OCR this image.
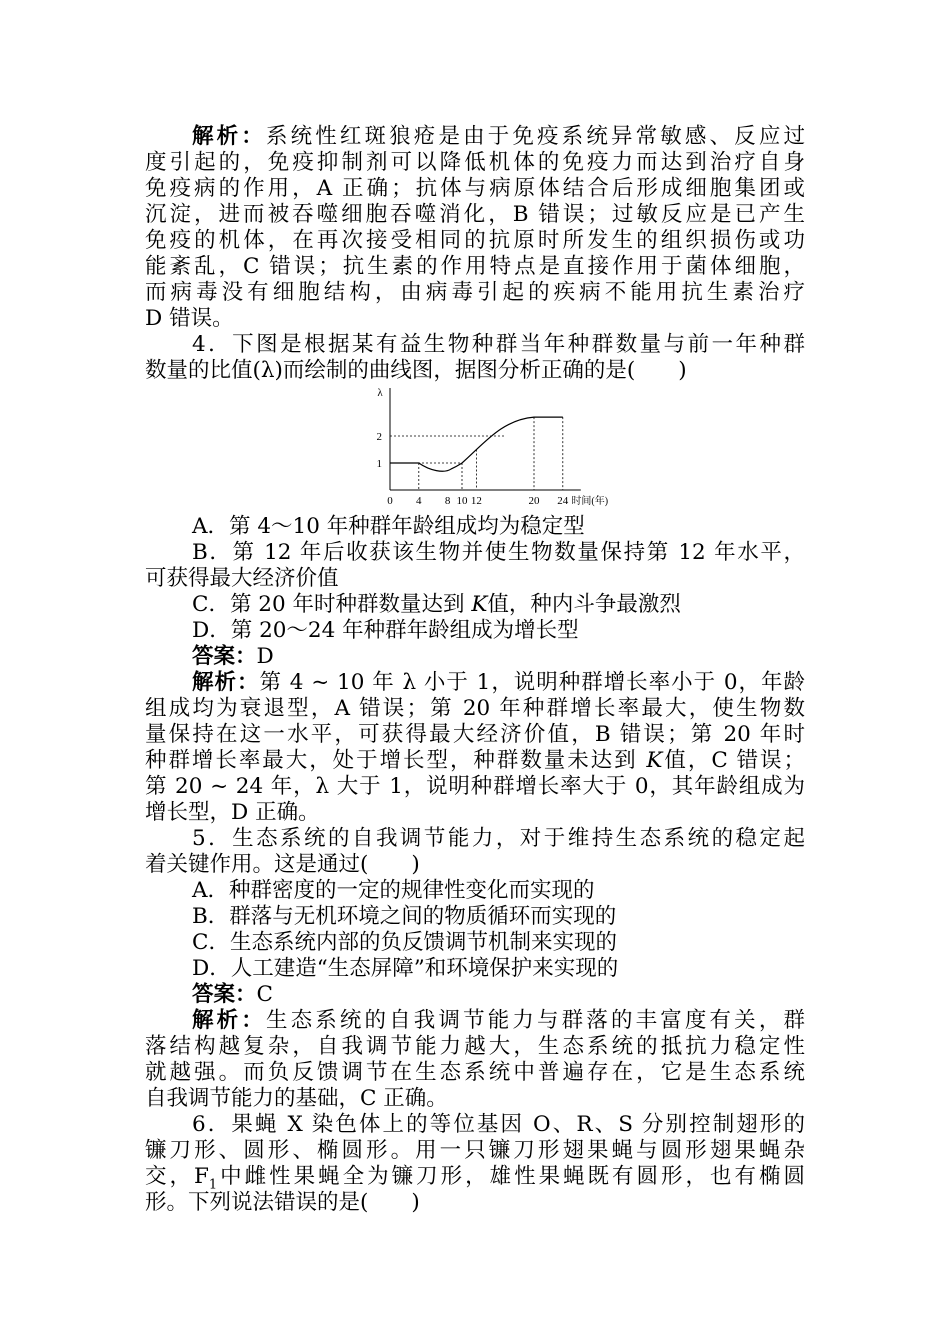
解析：系统性红斑狼疮是由于免疫系统异常敏感、反应过
度引起的，免疫抑制剂可以降低机体的免疫力而达到治疗自身
免疫病的作用，A 正确；抗体与病原体结合后形成细胞集团或
沉淀，进而被吞噬细胞吞噬消化，B 错误；过敏反应是已产生
免疫的机体，在再次接受相同的抗原时所发生的组织损伤或功
能紊乱，C 错误；抗生素的作用特点是直接作用于菌体细胞，
而病毒没有细胞结构，由病毒引起的疾病不能用抗生素治疗
D 错误。
4．下图是根据某有益生物种群当年种群数量与前一年种群
数量的比值(λ)而绘制的曲线图，据图分析正确的是(　　)
λ
时间(年)
1
2
0 4 8 10 12	20 24
A．第 4～10 年种群年龄组成均为稳定型
B．第 12 年后收获该生物并使生物数量保持第 12 年水平，
可获得最大经济价值
C．第 20 年时种群数量达到 K值，种内斗争最激烈
D．第 20～24 年种群年龄组成为增长型
答案：D
解析：第 4 ~ 10 年 λ 小于 1，说明种群增长率小于 0，年龄
组成均为衰退型，A 错误；第 20 年种群增长率最大，使生物数
量保持在这一水平，可获得最大经济价值，B 错误；第 20 年时
种群增长率最大，处于增长型，种群数量未达到 K值，C 错误；
第 20 ~ 24 年，λ 大于 1，说明种群增长率大于 0，其年龄组成为
增长型，D 正确。
5．生态系统的自我调节能力，对于维持生态系统的稳定起
着关键作用。这是通过(　　)
A．种群密度的一定的规律性变化而实现的
B．群落与无机环境之间的物质循环而实现的
C．生态系统内部的负反馈调节机制来实现的
D．人工建造“生态屏障”和环境保护来实现的
答案：C
解析：生态系统的自我调节能力与群落的丰富度有关，群
落结构越复杂，自我调节能力越大，生态系统的抵抗力稳定性
就越强。而负反馈调节在生态系统中普遍存在，它是生态系统
自我调节能力的基础，C 正确。
6．果蝇 X 染色体上的等位基因 O、R、S 分别控制翅形的
镰刀形、圆形、椭圆形。用一只镰刀形翅果蝇与圆形翅果蝇杂
交，$F_1$中雌性果蝇全为镰刀形，雄性果蝇既有圆形，也有椭圆
形。下列说法错误的是(　　)
